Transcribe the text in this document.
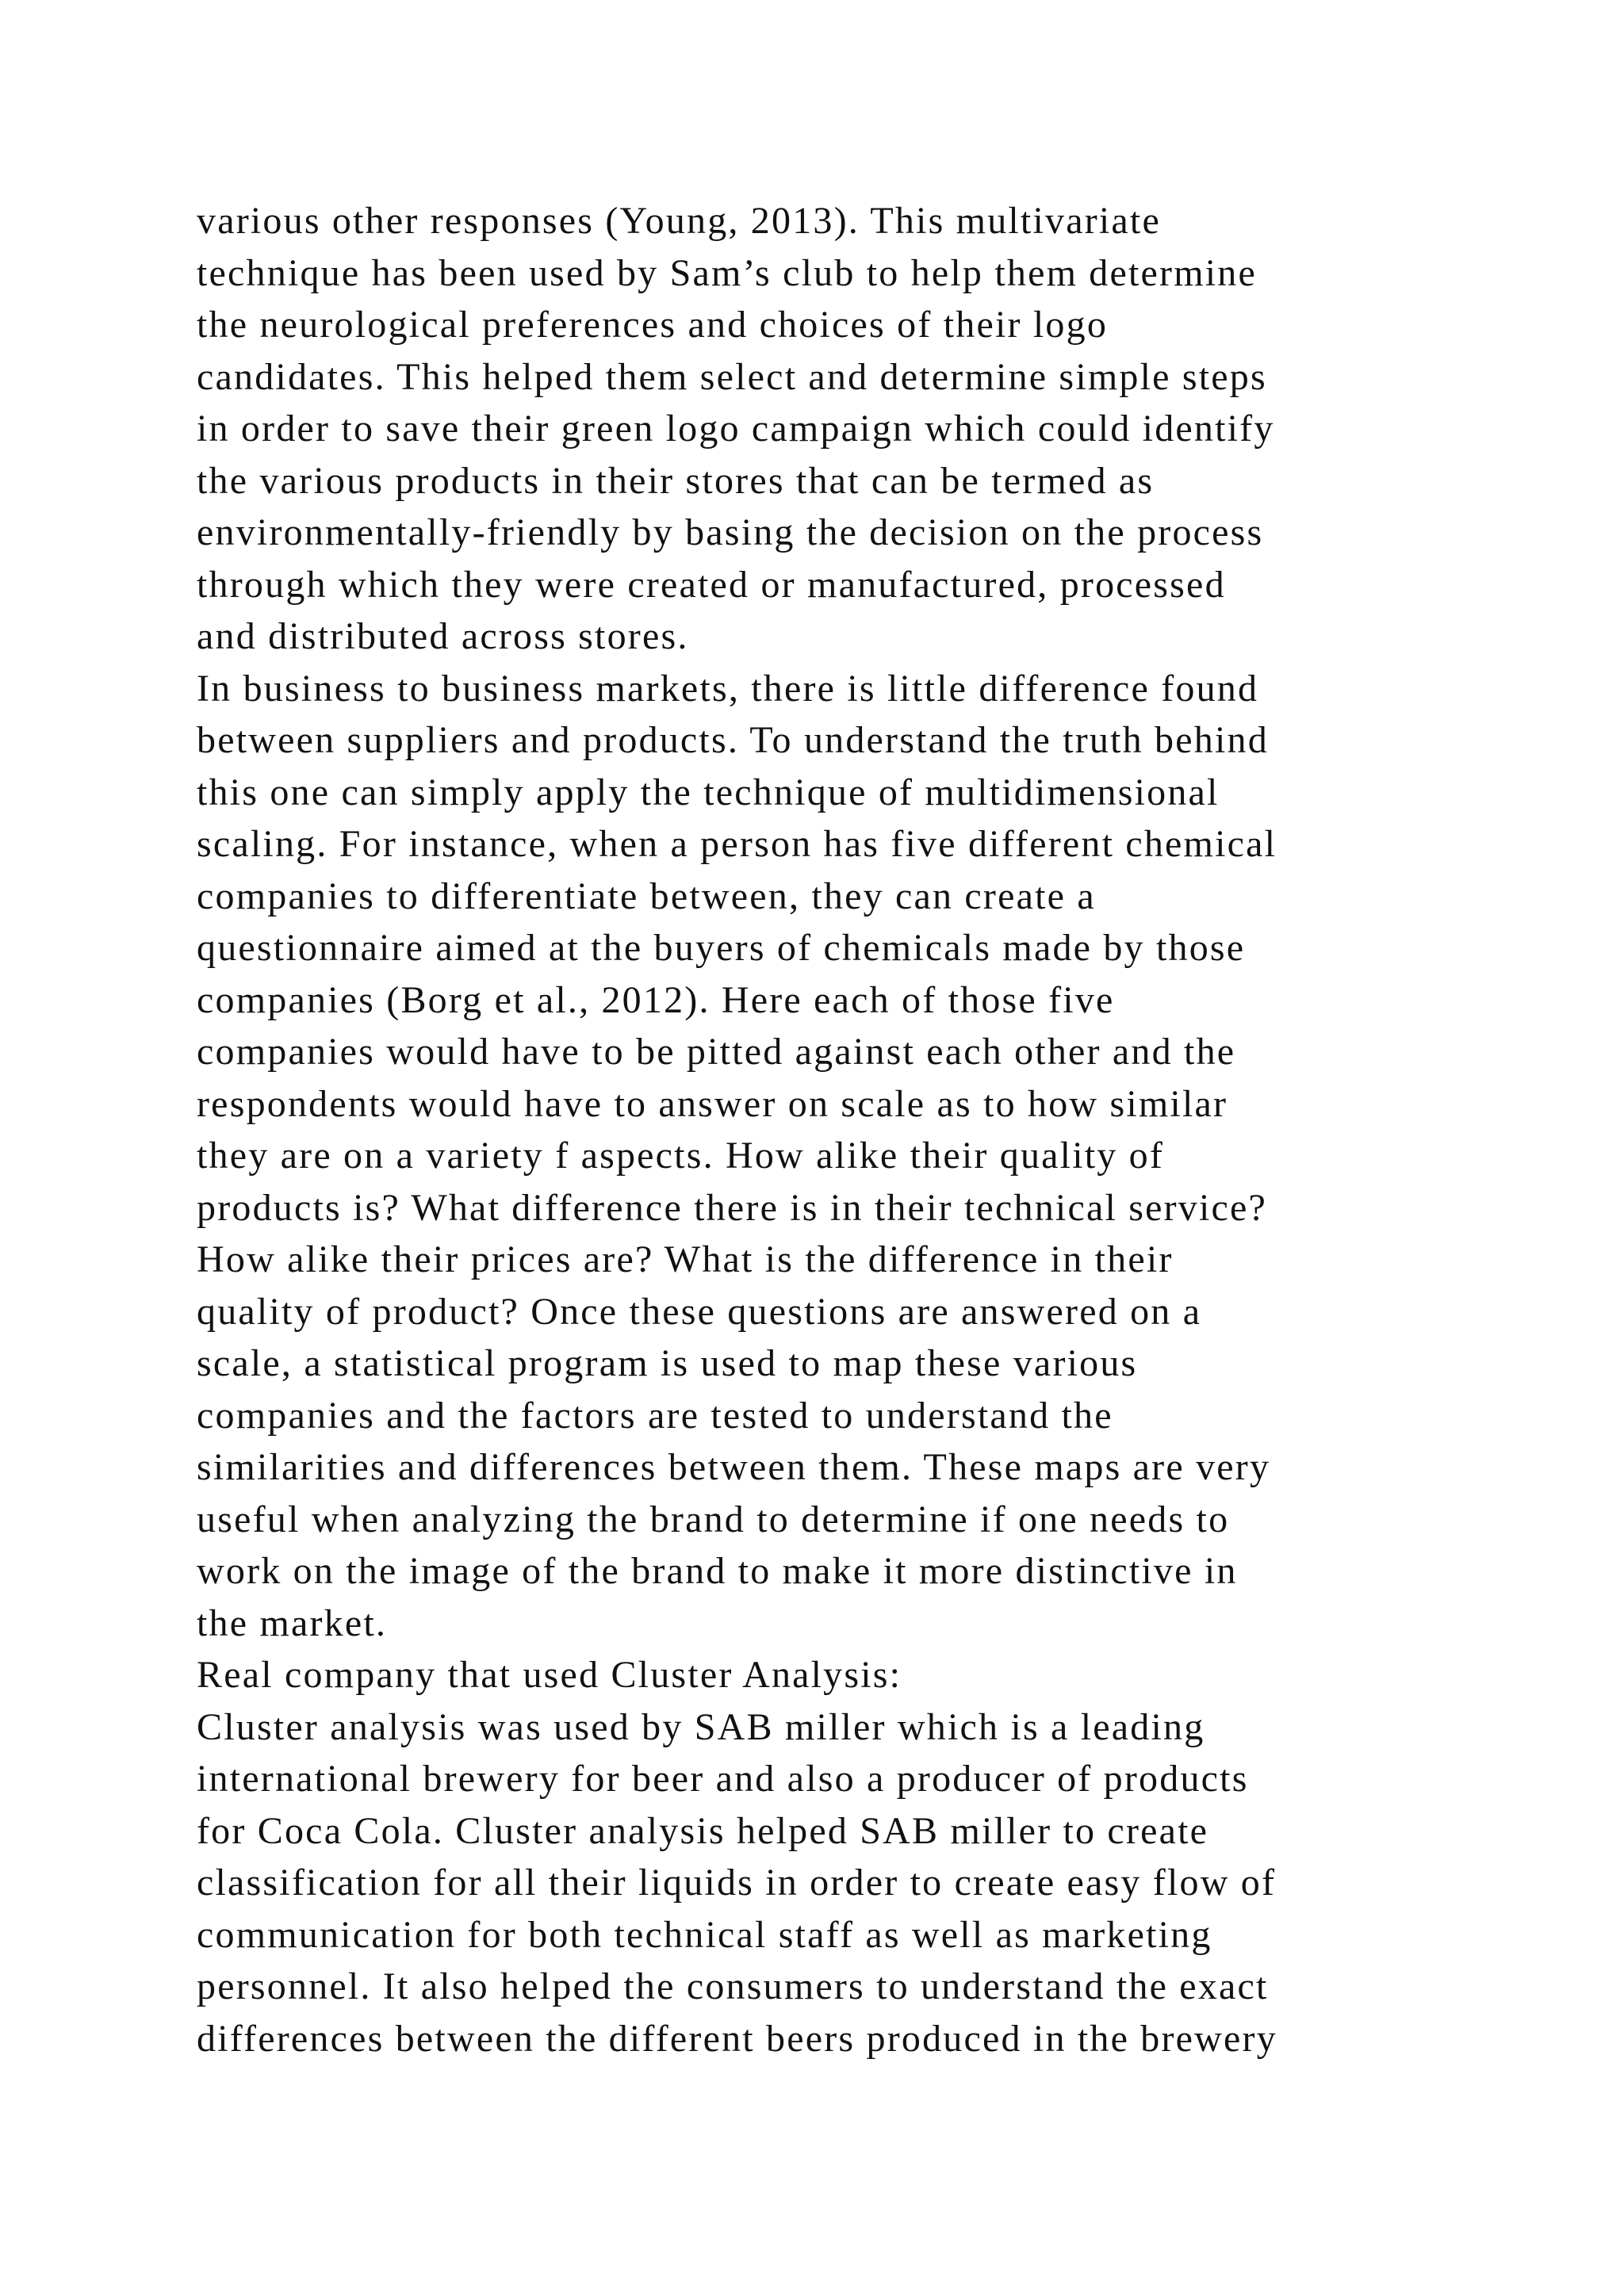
various other responses (Young, 2013). This multivariate
technique has been used by Sam’s club to help them determine
the neurological preferences and choices of their logo
candidates. This helped them select and determine simple steps
in order to save their green logo campaign which could identify
the various products in their stores that can be termed as
environmentally-friendly by basing the decision on the process
through which they were created or manufactured, processed
and distributed across stores.
In business to business markets, there is little difference found
between suppliers and products. To understand the truth behind
this one can simply apply the technique of multidimensional
scaling. For instance, when a person has five different chemical
companies to differentiate between, they can create a
questionnaire aimed at the buyers of chemicals made by those
companies (Borg et al., 2012). Here each of those five
companies would have to be pitted against each other and the
respondents would have to answer on scale as to how similar
they are on a variety f aspects. How alike their quality of
products is? What difference there is in their technical service?
How alike their prices are? What is the difference in their
quality of product? Once these questions are answered on a
scale, a statistical program is used to map these various
companies and the factors are tested to understand the
similarities and differences between them. These maps are very
useful when analyzing the brand to determine if one needs to
work on the image of the brand to make it more distinctive in
the market.
Real company that used Cluster Analysis:
Cluster analysis was used by SAB miller which is a leading
international brewery for beer and also a producer of products
for Coca Cola. Cluster analysis helped SAB miller to create
classification for all their liquids in order to create easy flow of
communication for both technical staff as well as marketing
personnel. It also helped the consumers to understand the exact
differences between the different beers produced in the brewery
